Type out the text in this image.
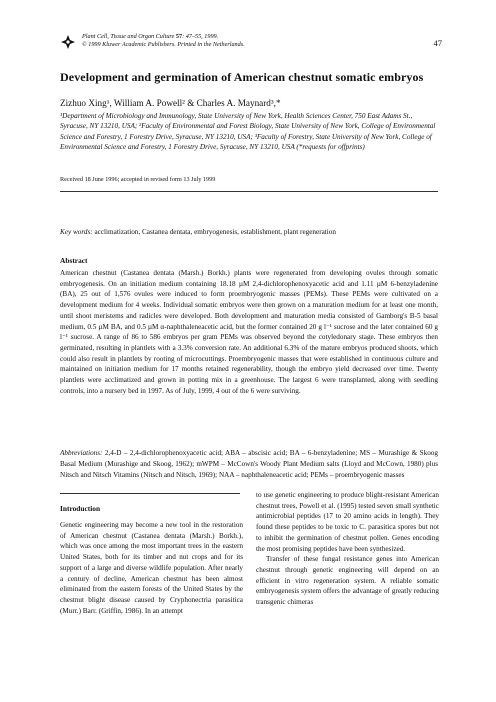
Plant Cell, Tissue and Organ Culture 57: 47–55, 1999.
© 1999 Kluwer Academic Publishers. Printed in the Netherlands.	47
Development and germination of American chestnut somatic embryos
Zizhuo Xing¹, William A. Powell² & Charles A. Maynard³,*
¹Department of Microbiology and Immunology, State University of New York, Health Sciences Center, 750 East Adams St., Syracuse, NY 13210, USA; ²Faculty of Environmental and Forest Biology, State University of New York, College of Environmental Science and Forestry, 1 Forestry Drive, Syracuse, NY 13210, USA; ³Faculty of Forestry, State University of New York, College of Environmental Science and Forestry, 1 Forestry Drive, Syracuse, NY 13210, USA (*requests for offprints)
Received 18 June 1996; accepted in revised form 13 July 1999
Key words: acclimatization, Castanea dentata, embryogenesis, establishment, plant regeneration
Abstract
American chestnut (Castanea dentata (Marsh.) Borkh.) plants were regenerated from developing ovules through somatic embryogenesis. On an initiation medium containing 18.18 µM 2,4-dichlorophenoxyacetic acid and 1.11 µM 6-benzyladenine (BA), 25 out of 1,576 ovules were induced to form proembryogenic masses (PEMs). These PEMs were cultivated on a development medium for 4 weeks. Individual somatic embryos were then grown on a maturation medium for at least one month, until shoot meristems and radicles were developed. Both development and maturation media consisted of Gamborg's B-5 basal medium, 0.5 µM BA, and 0.5 µM α-naphthaleneacetic acid, but the former contained 20 g l⁻¹ sucrose and the later contained 60 g l⁻¹ sucrose. A range of 86 to 586 embryos per gram PEMs was observed beyond the cotyledonary stage. These embryos then germinated, resulting in plantlets with a 3.3% conversion rate. An additional 6.3% of the mature embryos produced shoots, which could also result in plantlets by rooting of microcuttings. Proembryogenic masses that were established in continuous culture and maintained on initiation medium for 17 months retained regenerability, though the embryo yield decreased over time. Twenty plantlets were acclimatized and grown in potting mix in a greenhouse. The largest 6 were transplanted, along with seedling controls, into a nursery bed in 1997. As of July, 1999, 4 out of the 6 were surviving.
Abbreviations: 2,4-D – 2,4-dichlorophenoxyacetic acid; ABA – abscisic acid; BA – 6-benzyladenine; MS – Murashige & Skoog Basal Medium (Murashige and Skoog, 1962); mWPM – McCown's Woody Plant Medium salts (Lloyd and McCown, 1980) plus Nitsch and Nitsch Vitamins (Nitsch and Nitsch, 1969); NAA – naphthaleneacetic acid; PEMs – proembryogenic masses
Introduction

Genetic engineering may become a new tool in the restoration of American chestnut (Castanea dentata (Marsh.) Borkh.), which was once among the most important trees in the eastern United States, both for its timber and nut crops and for its support of a large and diverse wildlife population. After nearly a century of decline, American chestnut has been almost eliminated from the eastern forests of the United States by the chestnut blight disease caused by Cryphonectria parasitica (Murr.) Barr. (Griffin, 1986). In an attempt

to use genetic engineering to produce blight-resistant American chestnut trees, Powell et al. (1995) tested seven small synthetic antimicrobial peptides (17 to 20 amino acids in length). They found these peptides to be toxic to C. parasitica spores but not to inhibit the germination of chestnut pollen. Genes encoding the most promising peptides have been synthesized.

Transfer of these fungal resistance genes into American chestnut through genetic engineering will depend on an efficient in vitro regeneration system. A reliable somatic embryogenesis system offers the advantage of greatly reducing transgenic chimeras
